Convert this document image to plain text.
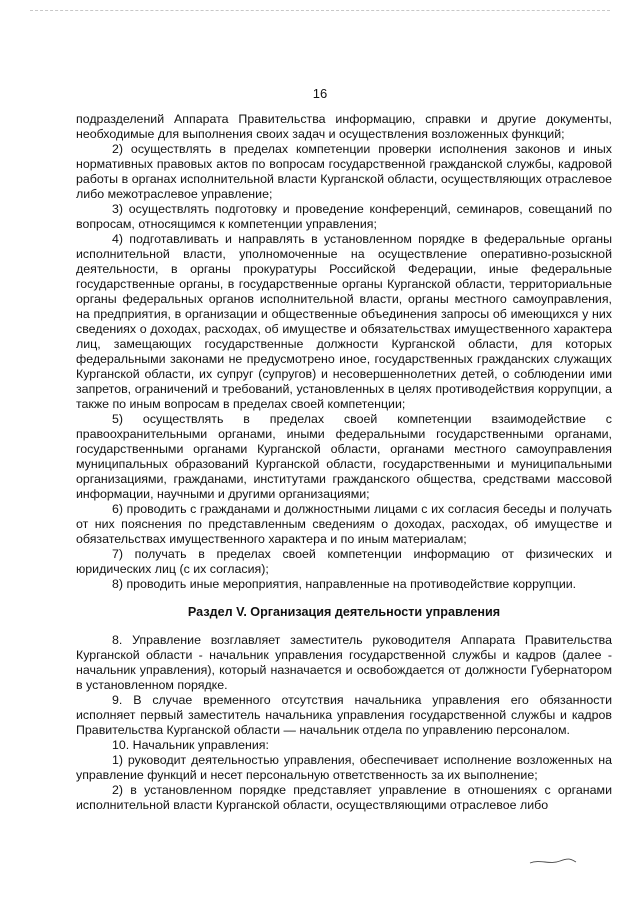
16

подразделений Аппарата Правительства информацию, справки и другие документы, необходимые для выполнения своих задач и осуществления возложенных функций;

2) осуществлять в пределах компетенции проверки исполнения законов и иных нормативных правовых актов по вопросам государственной гражданской службы, кадровой работы в органах исполнительной власти Курганской области, осуществляющих отраслевое либо межотраслевое управление;

3) осуществлять подготовку и проведение конференций, семинаров, совещаний по вопросам, относящимся к компетенции управления;

4) подготавливать и направлять в установленном порядке в федеральные органы исполнительной власти, уполномоченные на осуществление оперативно-розыскной деятельности, в органы прокуратуры Российской Федерации, иные федеральные государственные органы, в государственные органы Курганской области, территориальные органы федеральных органов исполнительной власти, органы местного самоуправления, на предприятия, в организации и общественные объединения запросы об имеющихся у них сведениях о доходах, расходах, об имуществе и обязательствах имущественного характера лиц, замещающих государственные должности Курганской области, для которых федеральными законами не предусмотрено иное, государственных гражданских служащих Курганской области, их супруг (супругов) и несовершеннолетних детей, о соблюдении ими запретов, ограничений и требований, установленных в целях противодействия коррупции, а также по иным вопросам в пределах своей компетенции;

5) осуществлять в пределах своей компетенции взаимодействие с правоохранительными органами, иными федеральными государственными органами, государственными органами Курганской области, органами местного самоуправления муниципальных образований Курганской области, государственными и муниципальными организациями, гражданами, институтами гражданского общества, средствами массовой информации, научными и другими организациями;

6) проводить с гражданами и должностными лицами с их согласия беседы и получать от них пояснения по представленным сведениям о доходах, расходах, об имуществе и обязательствах имущественного характера и по иным материалам;

7) получать в пределах своей компетенции информацию от физических и юридических лиц (с их согласия);

8) проводить иные мероприятия, направленные на противодействие коррупции.

Раздел V. Организация деятельности управления

8. Управление возглавляет заместитель руководителя Аппарата Правительства Курганской области - начальник управления государственной службы и кадров (далее - начальник управления), который назначается и освобождается от должности Губернатором в установленном порядке.

9. В случае временного отсутствия начальника управления его обязанности исполняет первый заместитель начальника управления государственной службы и кадров Правительства Курганской области — начальник отдела по управлению персоналом.

10. Начальник управления:

1) руководит деятельностью управления, обеспечивает исполнение возложенных на управление функций и несет персональную ответственность за их выполнение;

2) в установленном порядке представляет управление в отношениях с органами исполнительной власти Курганской области, осуществляющими отраслевое либо
